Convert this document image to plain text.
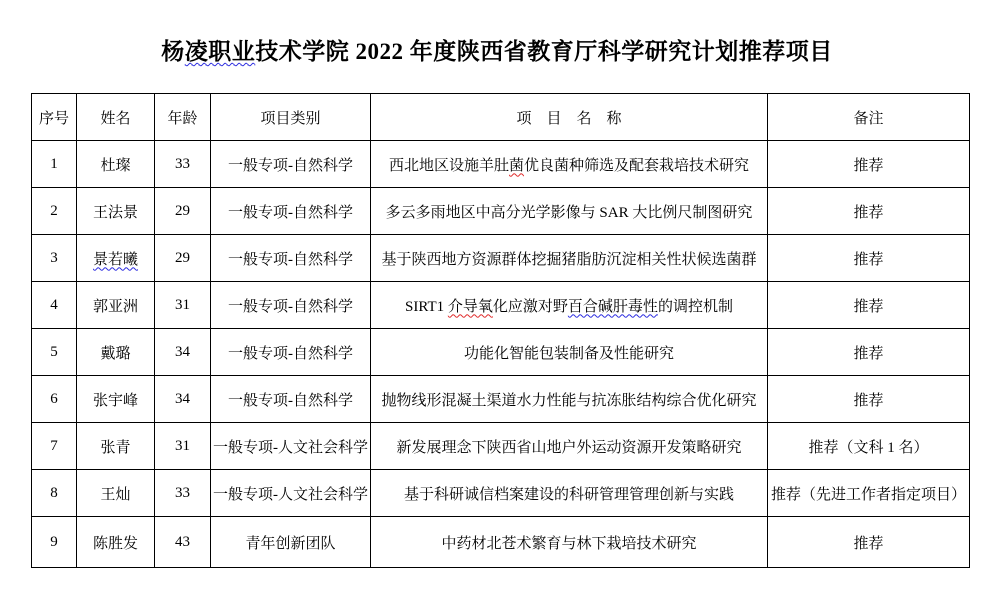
杨凌职业技术学院 2022 年度陕西省教育厅科学研究计划推荐项目
序号	姓名	年龄	项目类别	项　目　名　称	备注
1	杜璨	33	一般专项-自然科学	西北地区设施羊肚菌优良菌种筛选及配套栽培技术研究	推荐
2	王法景	29	一般专项-自然科学	多云多雨地区中高分光学影像与 SAR 大比例尺制图研究	推荐
3	景若曦	29	一般专项-自然科学	基于陕西地方资源群体挖掘猪脂肪沉淀相关性状候选菌群	推荐
4	郭亚洲	31	一般专项-自然科学	SIRT1 介导氧化应激对野百合碱肝毒性的调控机制	推荐
5	戴璐	34	一般专项-自然科学	功能化智能包装制备及性能研究	推荐
6	张宇峰	34	一般专项-自然科学	抛物线形混凝土渠道水力性能与抗冻胀结构综合优化研究	推荐
7	张青	31	一般专项-人文社会科学	新发展理念下陕西省山地户外运动资源开发策略研究	推荐（文科 1 名）
8	王灿	33	一般专项-人文社会科学	基于科研诚信档案建设的科研管理管理创新与实践	推荐（先进工作者指定项目）
9	陈胜发	43	青年创新团队	中药材北苍术繁育与林下栽培技术研究	推荐
